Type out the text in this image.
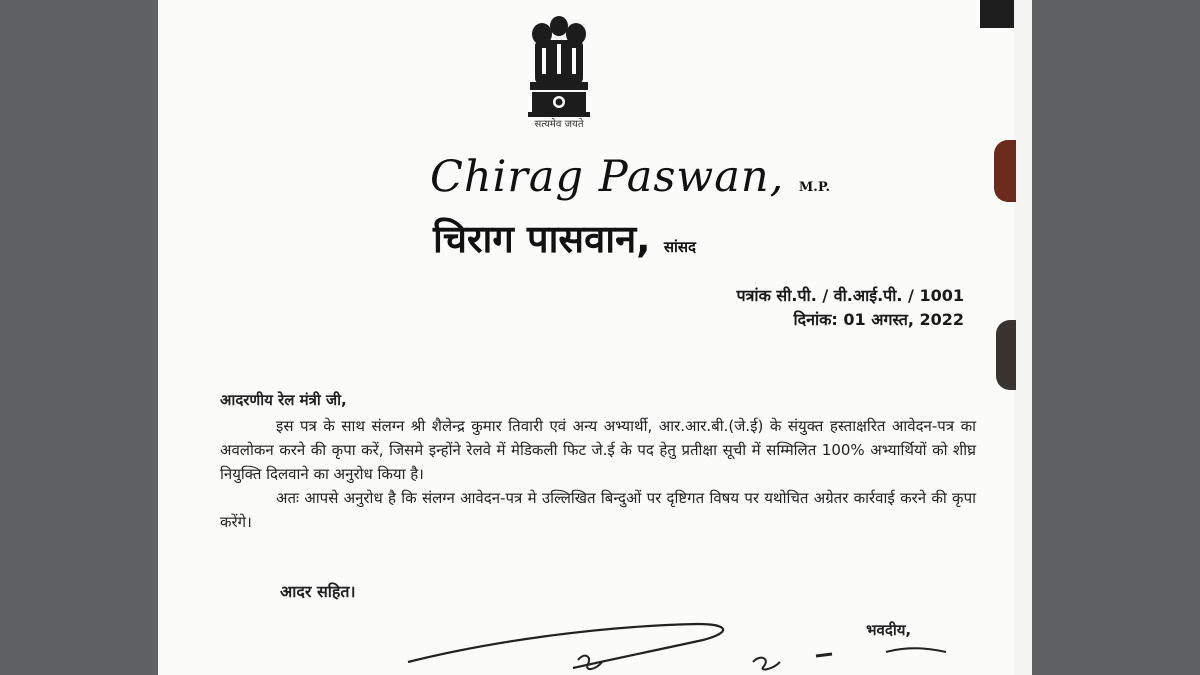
सत्यमेव जयते
Chirag Paswan, M.P.
चिराग पासवान, सांसद
पत्रांक सी.पी. / वी.आई.पी. / 1001
दिनांक: 01 अगस्त, 2022

आदरणीय रेल मंत्री जी,

इस पत्र के साथ संलग्न श्री शैलेन्द्र कुमार तिवारी एवं अन्य अभ्यार्थी, आर.आर.बी.(जे.ई) के संयुक्त हस्ताक्षरित आवेदन-पत्र का अवलोकन करने की कृपा करें, जिसमे इन्होंने रेलवे में मेडिकली फिट जे.ई के पद हेतु प्रतीक्षा सूची में सम्मिलित 100% अभ्यार्थियों को शीघ्र नियुक्ति दिलवाने का अनुरोध किया है।

अतः आपसे अनुरोध है कि संलग्न आवेदन-पत्र मे उल्लिखित बिन्दुओं पर दृष्टिगत विषय पर यथोचित अग्रेतर कार्रवाई करने की कृपा करेंगे।

आदर सहित।
भवदीय,
